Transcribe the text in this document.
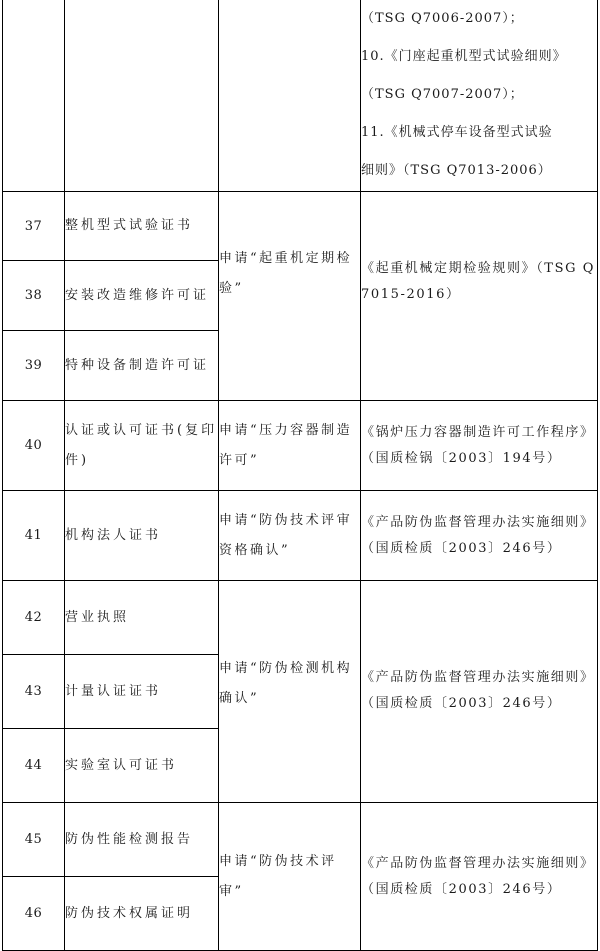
			（TSG Q7006-2007）；

10.《门座起重机型式试验细则》

（TSG Q7007-2007）；

11.《机械式停车设备型式试验

细则》（TSG Q7013-2006）

37	整机型式试验证书	申请“起重机定期检验”	《起重机械定期检验规则》（TSG Q7015-2016）

38	安装改造维修许可证		

39	特种设备制造许可证		

40	认证或认可证书(复印件)	申请“压力容器制造许可”	《锅炉压力容器制造许可工作程序》（国质检锅〔2003〕194号）

41	机构法人证书	申请“防伪技术评审资格确认”	《产品防伪监督管理办法实施细则》（国质检质〔2003〕246号）

42	营业执照	申请“防伪检测机构确认”	《产品防伪监督管理办法实施细则》（国质检质〔2003〕246号）

43	计量认证证书		

44	实验室认可证书		

45	防伪性能检测报告	申请“防伪技术评审”	《产品防伪监督管理办法实施细则》（国质检质〔2003〕246号）

46	防伪技术权属证明		
